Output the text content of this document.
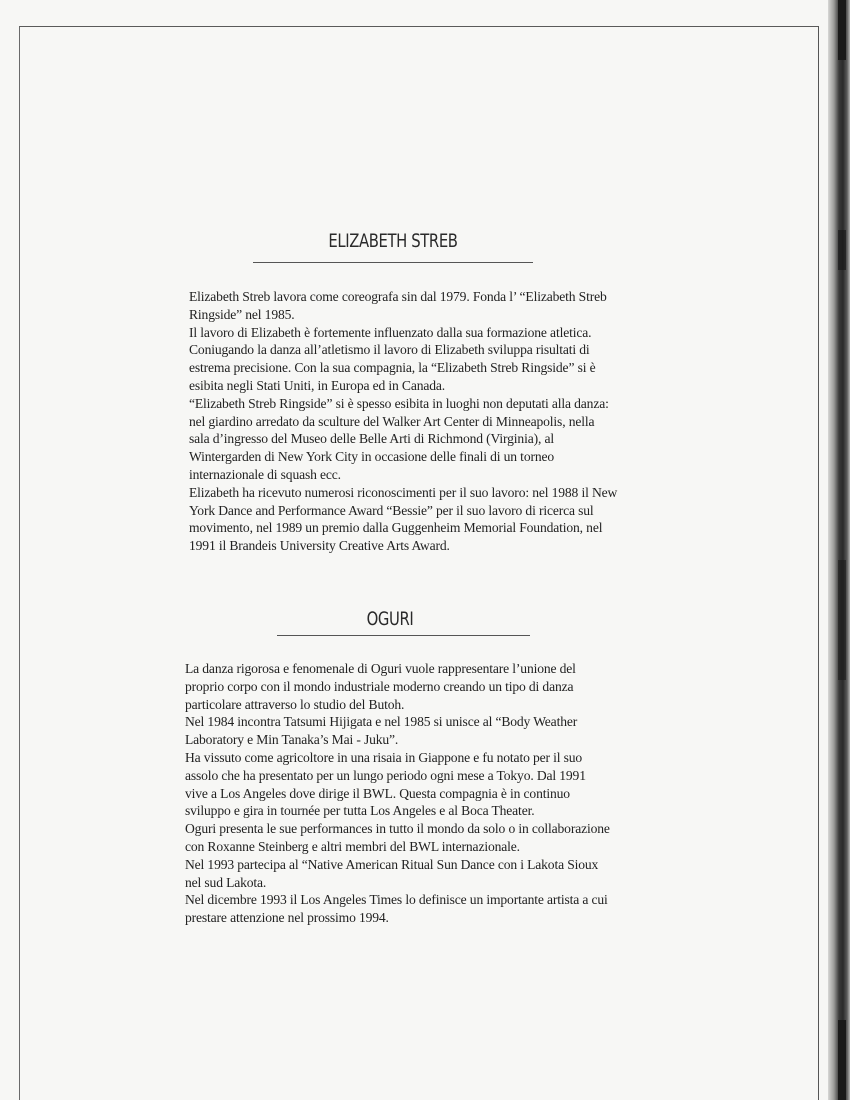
ELIZABETH STREB

Elizabeth Streb lavora come coreografa sin dal 1979. Fonda l’ “Elizabeth Streb

Ringside” nel 1985.

Il lavoro di Elizabeth è fortemente influenzato dalla sua formazione atletica.

Coniugando la danza all’atletismo il lavoro di Elizabeth sviluppa risultati di

estrema precisione. Con la sua compagnia, la “Elizabeth Streb Ringside” si è

esibita negli Stati Uniti, in Europa ed in Canada.

“Elizabeth Streb Ringside” si è spesso esibita in luoghi non deputati alla danza:

nel giardino arredato da sculture del Walker Art Center di Minneapolis, nella

sala d’ingresso del Museo delle Belle Arti di Richmond (Virginia), al

Wintergarden di New York City in occasione delle finali di un torneo

internazionale di squash ecc.

Elizabeth ha ricevuto numerosi riconoscimenti per il suo lavoro: nel 1988 il New

York Dance and Performance Award “Bessie” per il suo lavoro di ricerca sul

movimento, nel 1989 un premio dalla Guggenheim Memorial Foundation, nel

1991 il Brandeis University Creative Arts Award.

OGURI

La danza rigorosa e fenomenale di Oguri vuole rappresentare l’unione del

proprio corpo con il mondo industriale moderno creando un tipo di danza

particolare attraverso lo studio del Butoh.

Nel 1984 incontra Tatsumi Hijigata e nel 1985 si unisce al “Body Weather

Laboratory e Min Tanaka’s Mai - Juku”.

Ha vissuto come agricoltore in una risaia in Giappone e fu notato per il suo

assolo che ha presentato per un lungo periodo ogni mese a Tokyo. Dal 1991

vive a Los Angeles dove dirige il BWL. Questa compagnia è in continuo

sviluppo e gira in tournée per tutta Los Angeles e al Boca Theater.

Oguri presenta le sue performances in tutto il mondo da solo o in collaborazione

con Roxanne Steinberg e altri membri del BWL internazionale.

Nel 1993 partecipa al “Native American Ritual Sun Dance con i Lakota Sioux

nel sud Lakota.

Nel dicembre 1993 il Los Angeles Times lo definisce un importante artista a cui

prestare attenzione nel prossimo 1994.
